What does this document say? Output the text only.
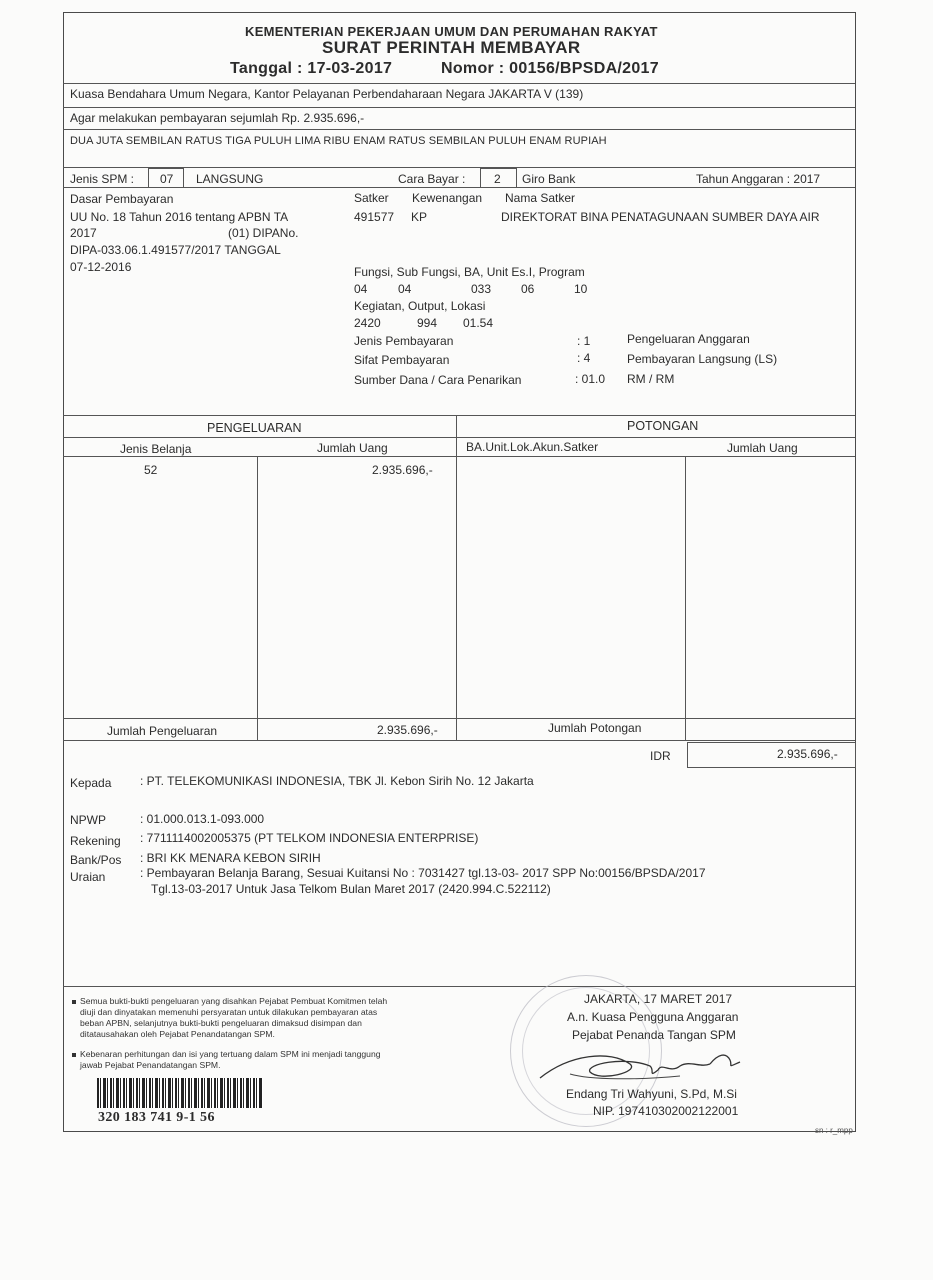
KEMENTERIAN PEKERJAAN UMUM DAN PERUMAHAN RAKYAT
SURAT PERINTAH MEMBAYAR
Tanggal : 17-03-2017	Nomor : 00156/BPSDA/2017
Kuasa Bendahara Umum Negara, Kantor Pelayanan Perbendaharaan Negara JAKARTA V (139)
Agar melakukan pembayaran sejumlah Rp. 2.935.696,-
DUA JUTA SEMBILAN RATUS TIGA PULUH LIMA RIBU ENAM RATUS SEMBILAN PULUH ENAM RUPIAH
Jenis SPM : 07 LANGSUNG	Cara Bayar : 2 Giro Bank	Tahun Anggaran : 2017
Dasar Pembayaran
UU No. 18 Tahun 2016 tentang APBN TA
2017	(01) DIPANo.
DIPA-033.06.1.491577/2017 TANGGAL
07-12-2016
Satker Kewenangan Nama Satker
491577 KP	DIREKTORAT BINA PENATAGUNAAN SUMBER DAYA AIR
Fungsi, Sub Fungsi, BA, Unit Es.I, Program
04	04	033 06	10
Kegiatan, Output, Lokasi
2420	994 01.54
Jenis Pembayaran	: 1	Pengeluaran Anggaran
Sifat Pembayaran	: 4	Pembayaran Langsung (LS)
Sumber Dana / Cara Penarikan	: 01.0 RM / RM
PENGELUARAN	POTONGAN
Jenis Belanja	Jumlah Uang	BA.Unit.Lok.Akun.Satker	Jumlah Uang
52	2.935.696,-
Jumlah Pengeluaran	2.935.696,-	Jumlah Potongan
IDR	2.935.696,-
Kepada : PT. TELEKOMUNIKASI INDONESIA, TBK Jl. Kebon Sirih No. 12 Jakarta
NPWP	: 01.000.013.1-093.000
Rekening : 7711114002005375 (PT TELKOM INDONESIA ENTERPRISE)
Bank/Pos : BRI KK MENARA KEBON SIRIH
Uraian	: Pembayaran Belanja Barang, Sesuai Kuitansi No : 7031427 tgl.13-03- 2017 SPP No:00156/BPSDA/2017
Tgl.13-03-2017 Untuk Jasa Telkom Bulan Maret 2017 (2420.994.C.522112)
Semua bukti-bukti pengeluaran yang disahkan Pejabat Pembuat Komitmen telah
diuji dan dinyatakan memenuhi persyaratan untuk dilakukan pembayaran atas
beban APBN, selanjutnya bukti-bukti pengeluaran dimaksud disimpan dan
ditatausahakan oleh Pejabat Penandatangan SPM.
Kebenaran perhitungan dan isi yang tertuang dalam SPM ini menjadi tanggung
jawab Pejabat Penandatangan SPM.
320 183 741 9-1 56
JAKARTA, 17 MARET 2017
A.n. Kuasa Pengguna Anggaran
Pejabat Penanda Tangan SPM
Endang Tri Wahyuni, S.Pd, M.Si
NIP. 197410302002122001
sn : r_mpp
